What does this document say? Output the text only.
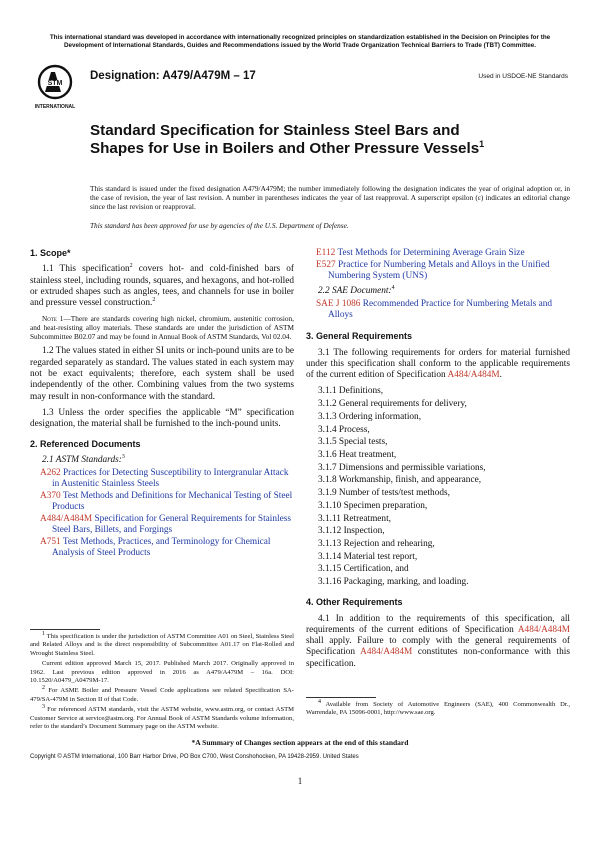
This international standard was developed in accordance with internationally recognized principles on standardization established in the Decision on Principles for the Development of International Standards, Guides and Recommendations issued by the World Trade Organization Technical Barriers to Trade (TBT) Committee.
STM
INTERNATIONAL
Designation: A479/A479M – 17	Used in USDOE-NE Standards
Standard Specification for Stainless Steel Bars and Shapes for Use in Boilers and Other Pressure Vessels$^1$
This standard is issued under the fixed designation A479/A479M; the number immediately following the designation indicates the year of original adoption or, in the case of revision, the year of last revision. A number in parentheses indicates the year of last reapproval. A superscript epsilon (ε) indicates an editorial change since the last revision or reapproval.
This standard has been approved for use by agencies of the U.S. Department of Defense.
1. Scope*

1.1 This specification$^2$ covers hot- and cold-finished bars of stainless steel, including rounds, squares, and hexagons, and hot-rolled or extruded shapes such as angles, tees, and channels for use in boiler and pressure vessel construction.$^2$

Note 1—There are standards covering high nickel, chromium, austenitic corrosion, and heat-resisting alloy materials. These standards are under the jurisdiction of ASTM Subcommittee B02.07 and may be found in Annual Book of ASTM Standards, Vol 02.04.

1.2 The values stated in either SI units or inch-pound units are to be regarded separately as standard. The values stated in each system may not be exact equivalents; therefore, each system shall be used independently of the other. Combining values from the two systems may result in non-conformance with the standard.

1.3 Unless the order specifies the applicable “M” specification designation, the material shall be furnished to the inch-pound units.

2. Referenced Documents
2.1 ASTM Standards:$^3$
A262 Practices for Detecting Susceptibility to Intergranular Attack in Austenitic Stainless Steels
A370 Test Methods and Definitions for Mechanical Testing of Steel Products
A484/A484M Specification for General Requirements for Stainless Steel Bars, Billets, and Forgings
A751 Test Methods, Practices, and Terminology for Chemical Analysis of Steel Products

$^1$ This specification is under the jurisdiction of ASTM Committee A01 on Steel, Stainless Steel and Related Alloys and is the direct responsibility of Subcommittee A01.17 on Flat-Rolled and Wrought Stainless Steel.

Current edition approved March 15, 2017. Published March 2017. Originally approved in 1962. Last previous edition approved in 2016 as A479/A479M – 16a. DOI: 10.1520/A0479_A0479M-17.

$^2$ For ASME Boiler and Pressure Vessel Code applications see related Specification SA-479/SA-479M in Section II of that Code.

$^3$ For referenced ASTM standards, visit the ASTM website, www.astm.org, or contact ASTM Customer Service at service@astm.org. For Annual Book of ASTM Standards volume information, refer to the standard’s Document Summary page on the ASTM website.

E112 Test Methods for Determining Average Grain Size
E527 Practice for Numbering Metals and Alloys in the Unified Numbering System (UNS)
2.2 SAE Document:$^4$
SAE J 1086 Recommended Practice for Numbering Metals and Alloys
3. General Requirements

3.1 The following requirements for orders for material furnished under this specification shall conform to the applicable requirements of the current edition of Specification A484/A484M.

3.1.1 Definitions,
3.1.2 General requirements for delivery,
3.1.3 Ordering information,
3.1.4 Process,
3.1.5 Special tests,
3.1.6 Heat treatment,
3.1.7 Dimensions and permissible variations,
3.1.8 Workmanship, finish, and appearance,
3.1.9 Number of tests/test methods,
3.1.10 Specimen preparation,
3.1.11 Retreatment,
3.1.12 Inspection,
3.1.13 Rejection and rehearing,
3.1.14 Material test report,
3.1.15 Certification, and
3.1.16 Packaging, marking, and loading.
4. Other Requirements

4.1 In addition to the requirements of this specification, all requirements of the current editions of Specification A484/A484M shall apply. Failure to comply with the general requirements of Specification A484/A484M constitutes non-conformance with this specification.

$^4$ Available from Society of Automotive Engineers (SAE), 400 Commonwealth Dr., Warrendale, PA 15096-0001, http://www.sae.org.

*A Summary of Changes section appears at the end of this standard
Copyright © ASTM International, 100 Barr Harbor Drive, PO Box C700, West Conshohocken, PA 19428-2959. United States
1
